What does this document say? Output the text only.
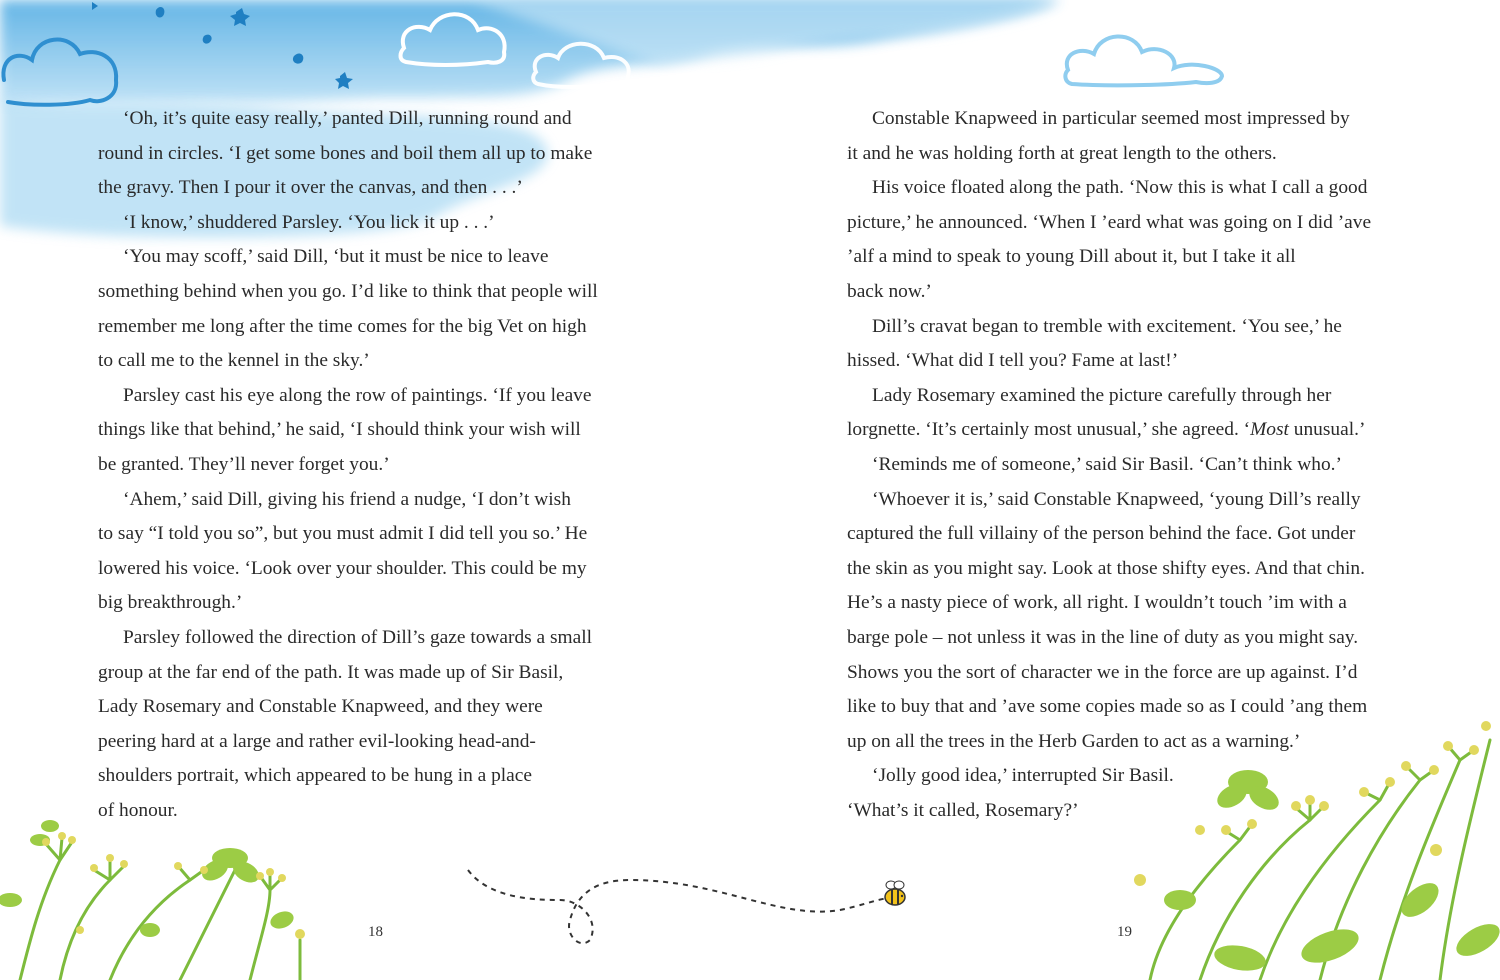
‘Oh, it’s quite easy really,’ panted Dill, running round and

round in circles. ‘I get some bones and boil them all up to make

the gravy. Then I pour it over the canvas, and then . . .’

‘I know,’ shuddered Parsley. ‘You lick it up . . .’

‘You may scoff,’ said Dill, ‘but it must be nice to leave

something behind when you go. I’d like to think that people will

remember me long after the time comes for the big Vet on high

to call me to the kennel in the sky.’

Parsley cast his eye along the row of paintings. ‘If you leave

things like that behind,’ he said, ‘I should think your wish will

be granted. They’ll never forget you.’

‘Ahem,’ said Dill, giving his friend a nudge, ‘I don’t wish

to say “I told you so”, but you must admit I did tell you so.’ He

lowered his voice. ‘Look over your shoulder. This could be my

big breakthrough.’

Parsley followed the direction of Dill’s gaze towards a small

group at the far end of the path. It was made up of Sir Basil,

Lady Rosemary and Constable Knapweed, and they were

peering hard at a large and rather evil-looking head-and-

shoulders portrait, which appeared to be hung in a place

of honour.

Constable Knapweed in particular seemed most impressed by

it and he was holding forth at great length to the others.

His voice floated along the path. ‘Now this is what I call a good

picture,’ he announced. ‘When I ’eard what was going on I did ’ave

’alf a mind to speak to young Dill about it, but I take it all

back now.’

Dill’s cravat began to tremble with excitement. ‘You see,’ he

hissed. ‘What did I tell you? Fame at last!’

Lady Rosemary examined the picture carefully through her

lorgnette. ‘It’s certainly most unusual,’ she agreed. ‘Most unusual.’

‘Reminds me of someone,’ said Sir Basil. ‘Can’t think who.’

‘Whoever it is,’ said Constable Knapweed, ‘young Dill’s really

captured the full villainy of the person behind the face. Got under

the skin as you might say. Look at those shifty eyes. And that chin.

He’s a nasty piece of work, all right. I wouldn’t touch ’im with a

barge pole – not unless it was in the line of duty as you might say.

Shows you the sort of character we in the force are up against. I’d

like to buy that and ’ave some copies made so as I could ’ang them

up on all the trees in the Herb Garden to act as a warning.’

‘Jolly good idea,’ interrupted Sir Basil.

‘What’s it called, Rosemary?’

18	19
